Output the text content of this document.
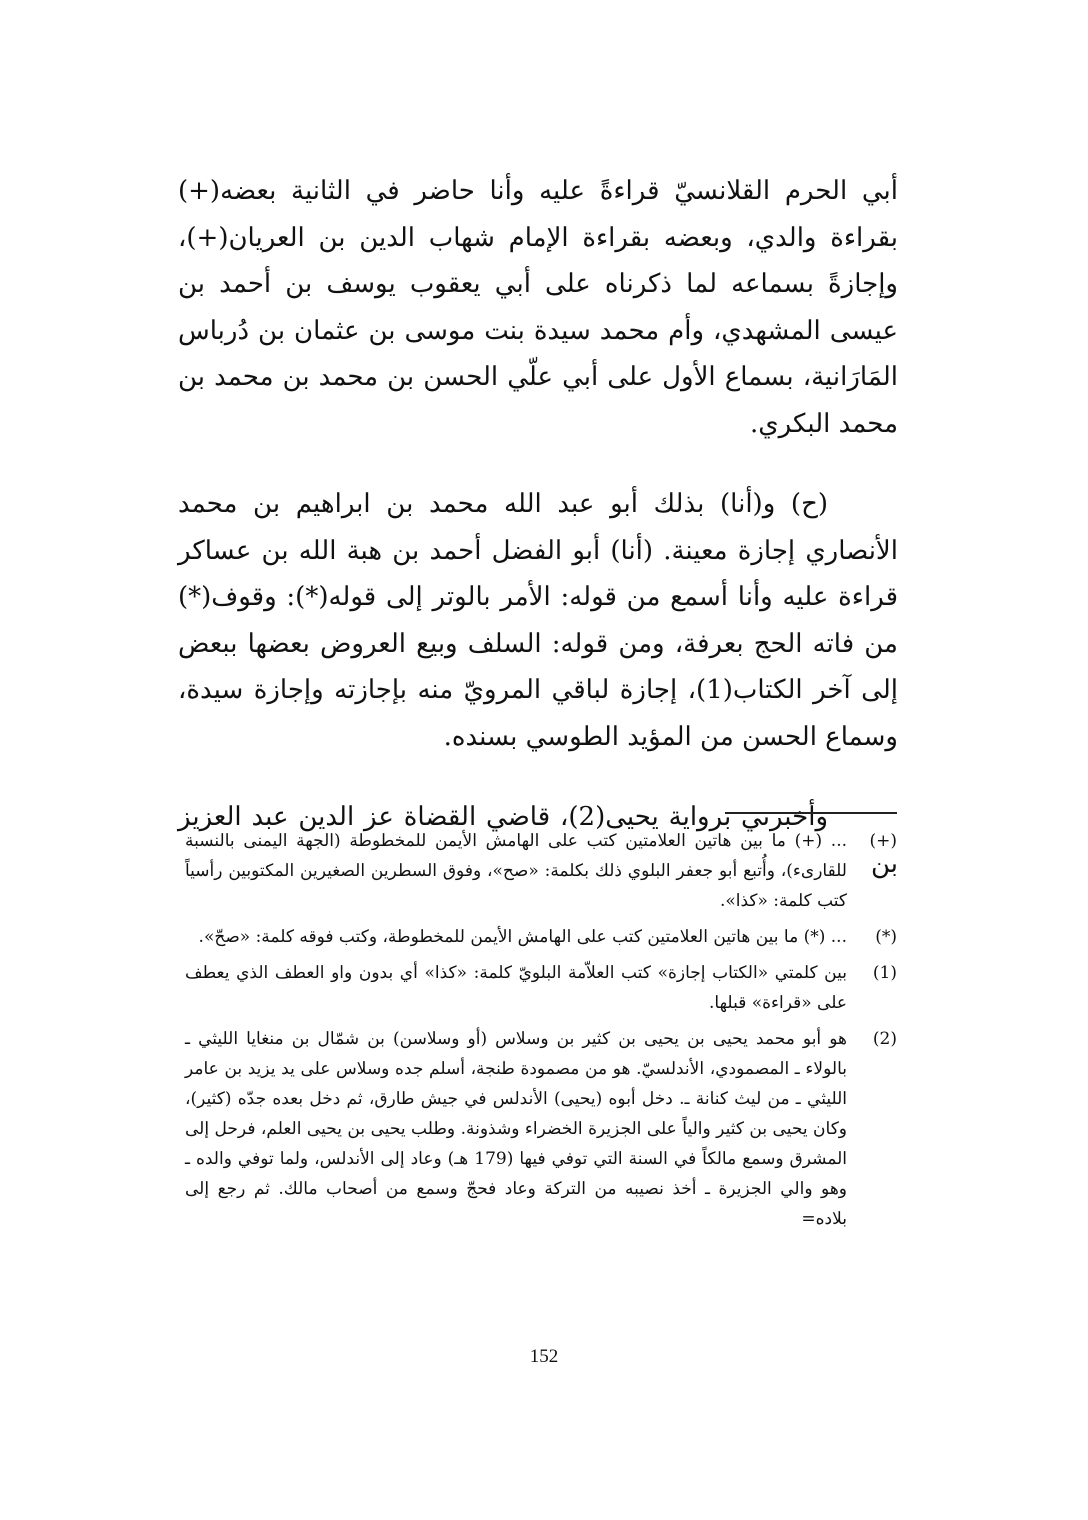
أبي الحرم القلانسيّ قراءةً عليه وأنا حاضر في الثانية بعضه(+) بقراءة والدي، وبعضه بقراءة الإمام شهاب الدين بن العريان(+)، وإجازةً بسماعه لما ذكرناه على أبي يعقوب يوسف بن أحمد بن عيسى المشهدي، وأم محمد سيدة بنت موسى بن عثمان بن دُرباس المَارَانية، بسماع الأول على أبي علّي الحسن بن محمد بن محمد بن محمد البكري.

(ح) و(أنا) بذلك أبو عبد الله محمد بن ابراهيم بن محمد الأنصاري إجازة معينة. (أنا) أبو الفضل أحمد بن هبة الله بن عساكر قراءة عليه وأنا أسمع من قوله: الأمر بالوتر إلى قوله(*): وقوف(*) من فاته الحج بعرفة، ومن قوله: السلف وبيع العروض بعضها ببعض إلى آخر الكتاب(1)، إجازة لباقي المرويّ منه بإجازته وإجازة سيدة، وسماع الحسن من المؤيد الطوسي بسنده.

وأخبرني برواية يحيى(2)، قاضي القضاة عز الدين عبد العزيز بن

(+)
... (+) ما بين هاتين العلامتين كتب على الهامش الأيمن للمخطوطة (الجهة اليمنى بالنسبة للقارىء)، وأُتبع أبو جعفر البلوي ذلك بكلمة: «صح»، وفوق السطرين الصغيرين المكتوبين رأسياً كتب كلمة: «كذا».
(*)
... (*) ما بين هاتين العلامتين كتب على الهامش الأيمن للمخطوطة، وكتب فوقه كلمة: «صحّ».
(1)
بين كلمتي «الكتاب إجازة» كتب العلاّمة البلويّ كلمة: «كذا» أي بدون واو العطف الذي يعطف على «قراءة» قبلها.
(2)
هو أبو محمد يحيى بن يحيى بن كثير بن وسلاس (أو وسلاسن) بن شمّال بن منغايا الليثي ـ بالولاء ـ المصمودي، الأندلسيّ. هو من مصمودة طنجة، أسلم جده وسلاس على يد يزيد بن عامر الليثي ـ من ليث كنانة ـ. دخل أبوه (يحيى) الأندلس في جيش طارق، ثم دخل بعده جدّه (كثير)، وكان يحيى بن كثير والياً على الجزيرة الخضراء وشذونة. وطلب يحيى بن يحيى العلم، فرحل إلى المشرق وسمع مالكاً في السنة التي توفي فيها (179 هـ) وعاد إلى الأندلس، ولما توفي والده ـ وهو والي الجزيرة ـ أخذ نصيبه من التركة وعاد فحجّ وسمع من أصحاب مالك. ثم رجع إلى بلاده=
152
